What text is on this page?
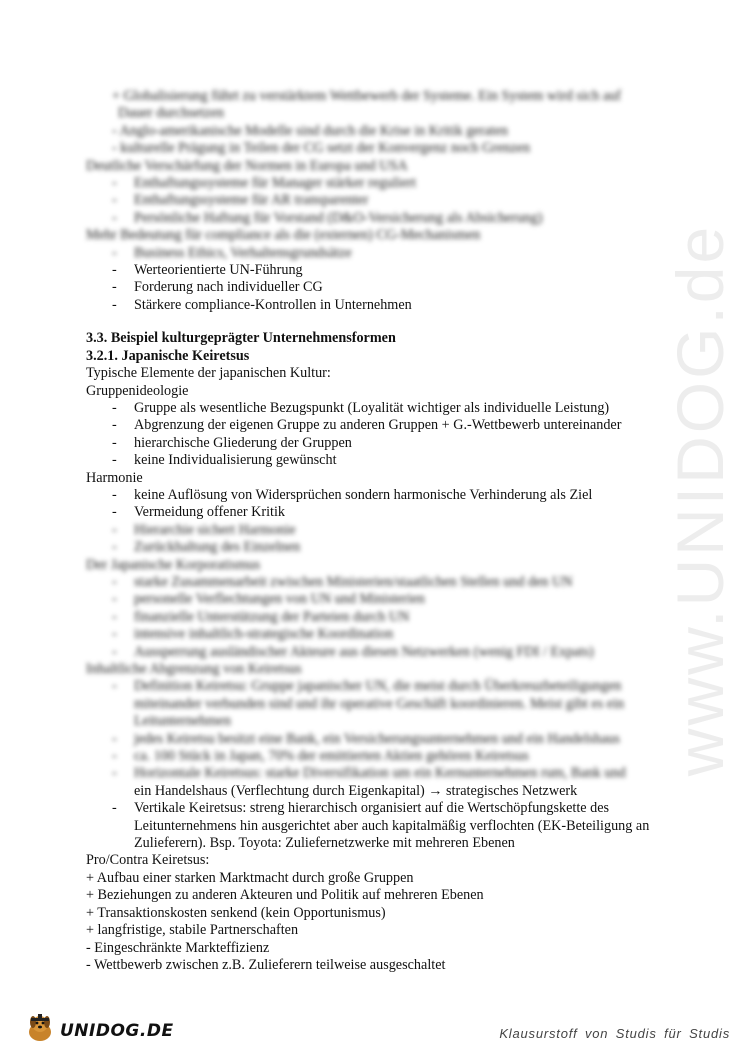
www.UNIDOG.de
+ Globalisierung führt zu verstärktem Wettbewerb der Systeme. Ein System wird sich auf
Dauer durchsetzen
- Anglo-amerikanische Modelle sind durch die Krise in Kritik geraten
- kulturelle Prägung in Teilen der CG setzt der Konvergenz noch Grenzen
Deutliche Verschärfung der Normen in Europa und USA
- Enthaftungssysteme für Manager stärker reguliert
- Enthaftungssysteme für AR transparenter
- Persönliche Haftung für Vorstand (D&O-Versicherung als Absicherung)
Mehr Bedeutung für compliance als die (externen) CG-Mechanismen
- Business Ethics, Verhaltensgrundsätze
- Werteorientierte UN-Führung
- Forderung nach individueller CG
- Stärkere compliance-Kontrollen in Unternehmen
3.3. Beispiel kulturgeprägter Unternehmensformen
3.2.1. Japanische Keiretsus
Typische Elemente der japanischen Kultur:
Gruppenideologie
- Gruppe als wesentliche Bezugspunkt (Loyalität wichtiger als individuelle Leistung)
- Abgrenzung der eigenen Gruppe zu anderen Gruppen + G.-Wettbewerb untereinander
- hierarchische Gliederung der Gruppen
- keine Individualisierung gewünscht
Harmonie
- keine Auflösung von Widersprüchen sondern harmonische Verhinderung als Ziel
- Vermeidung offener Kritik
- Hierarchie sichert Harmonie
- Zurückhaltung des Einzelnen
Der Japanische Korporatismus
- starke Zusammenarbeit zwischen Ministerien/staatlichen Stellen und den UN
- personelle Verflechtungen von UN und Ministerien
- finanzielle Unterstützung der Parteien durch UN
- intensive inhaltlich-strategische Koordination
- Aussperrung ausländischer Akteure aus diesen Netzwerken (wenig FDI / Expats)
Inhaltliche Abgrenzung von Keiretsus
- Definition Keiretsu: Gruppe japanischer UN, die meist durch Überkreuzbeteiligungen
miteinander verbunden sind und ihr operative Geschäft koordinieren. Meist gibt es ein
Leitunternehmen
- jedes Keiretsu besitzt eine Bank, ein Versicherungsunternehmen und ein Handelshaus
- ca. 100 Stück in Japan, 70% der emittierten Aktien gehören Keiretsus
- Horizontale Keiretsus: starke Diversifikation um ein Kernunternehmen rum, Bank und
ein Handelshaus (Verflechtung durch Eigenkapital) → strategisches Netzwerk
- Vertikale Keiretsus: streng hierarchisch organisiert auf die Wertschöpfungskette des Leitunternehmens hin ausgerichtet aber auch kapitalmäßig verflochten (EK-Beteiligung an Zulieferern). Bsp. Toyota: Zuliefernetzwerke mit mehreren Ebenen
Pro/Contra Keiretsus:
+ Aufbau einer starken Marktmacht durch große Gruppen
+ Beziehungen zu anderen Akteuren und Politik auf mehreren Ebenen
+ Transaktionskosten senkend (kein Opportunismus)
+ langfristige, stabile Partnerschaften
- Eingeschränkte Markteffizienz
- Wettbewerb zwischen z.B. Zulieferern teilweise ausgeschaltet
UNIDOG.DE	Klausurstoff von Studis für Studis
